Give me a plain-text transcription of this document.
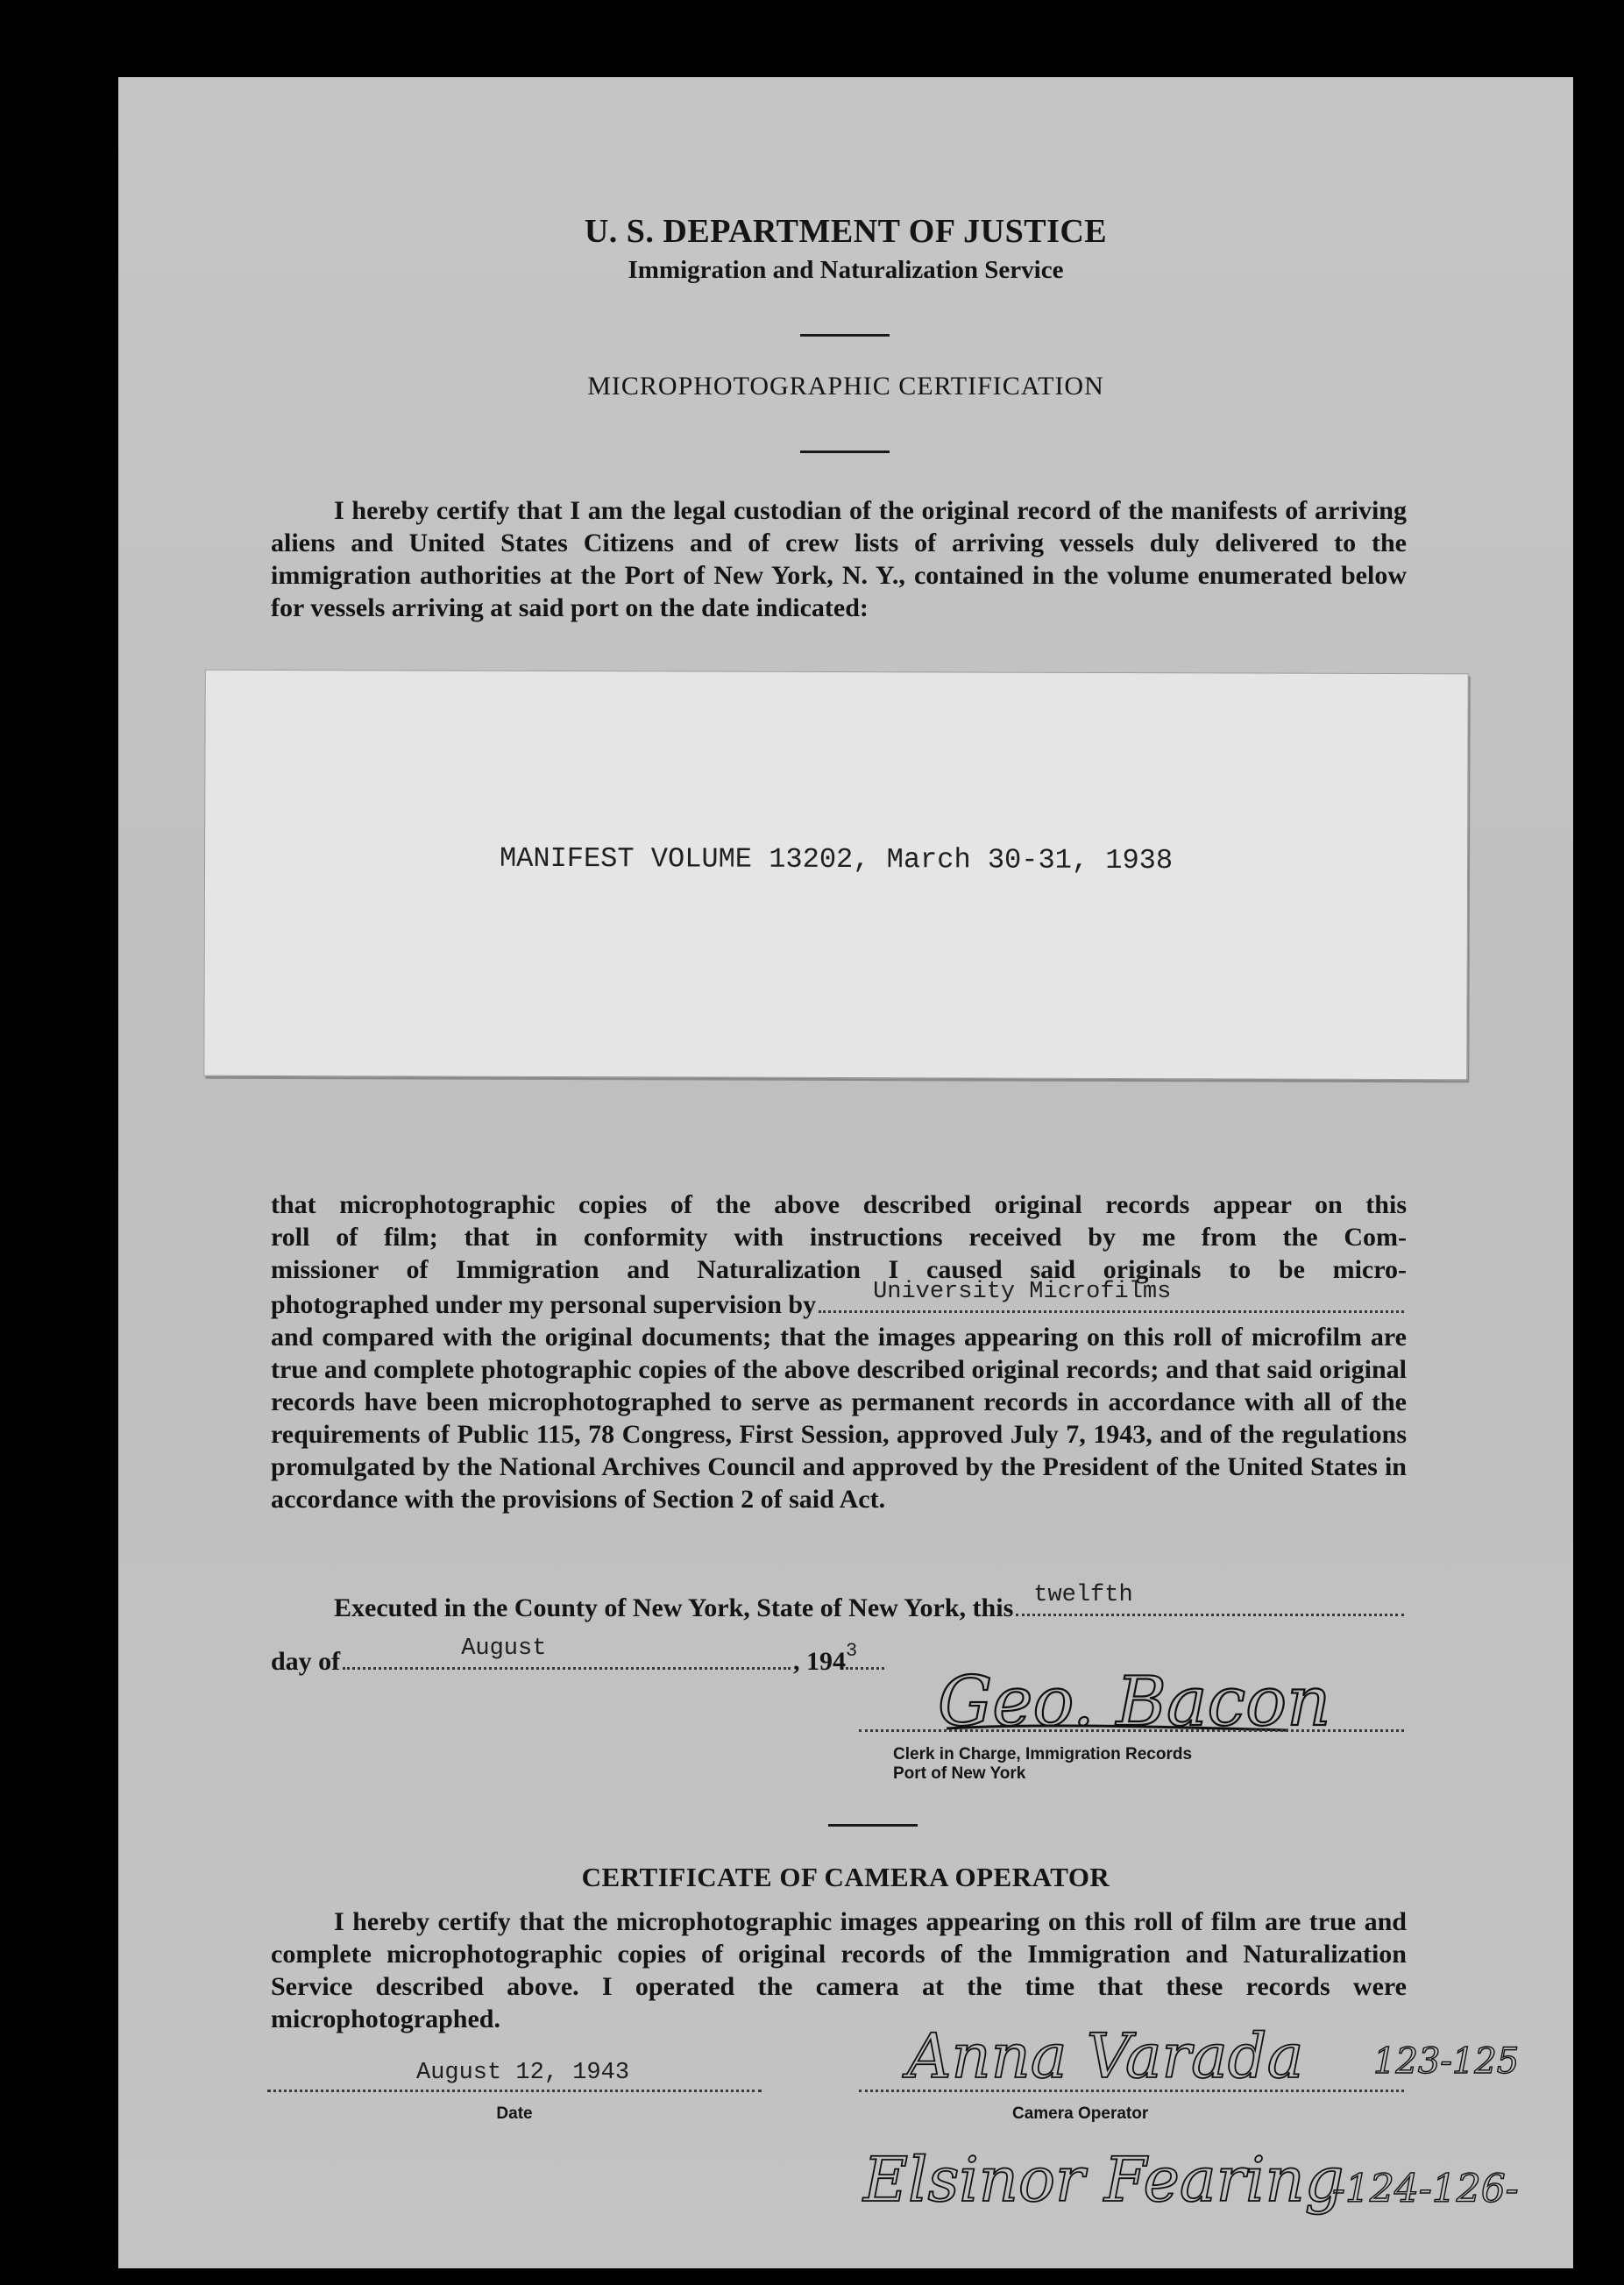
U. S. DEPARTMENT OF JUSTICE
Immigration and Naturalization Service
MICROPHOTOGRAPHIC CERTIFICATION
I hereby certify that I am the legal custodian of the original record of the manifests of arriving aliens and United States Citizens and of crew lists of arriving vessels duly delivered to the immigration authorities at the Port of New York, N. Y., contained in the volume enumerated below for vessels arriving at said port on the date indicated:
MANIFEST VOLUME 13202, March 30-31, 1938
that microphotographic copies of the above described original records appear on this
roll of film; that in conformity with instructions received by me from the Com-
missioner of Immigration and Naturalization I caused said originals to be micro-
photographed under my personal supervision by University Microfilms
and compared with the original documents; that the images appearing on this roll of microfilm are true and complete photographic copies of the above described original records; and that said original records have been microphotographed to serve as permanent records in accordance with all of the requirements of Public 115, 78 Congress, First Session, approved July 7, 1943, and of the regulations promulgated by the National Archives Council and approved by the President of the United States in accordance with the provisions of Section 2 of said Act.
Executed in the County of New York, State of New York, this twelfth
day of	August	, 194 3
Geo. Bacon
Clerk in Charge, Immigration Records
Port of New York
CERTIFICATE OF CAMERA OPERATOR
I hereby certify that the microphotographic images appearing on this roll of film are true and complete microphotographic copies of original records of the Immigration and Naturalization Service described above. I operated the camera at the time that these records were microphotographed.
August 12, 1943
Date
Anna Varada 123-125
Camera Operator
Elsinor Fearing
-124-126-
